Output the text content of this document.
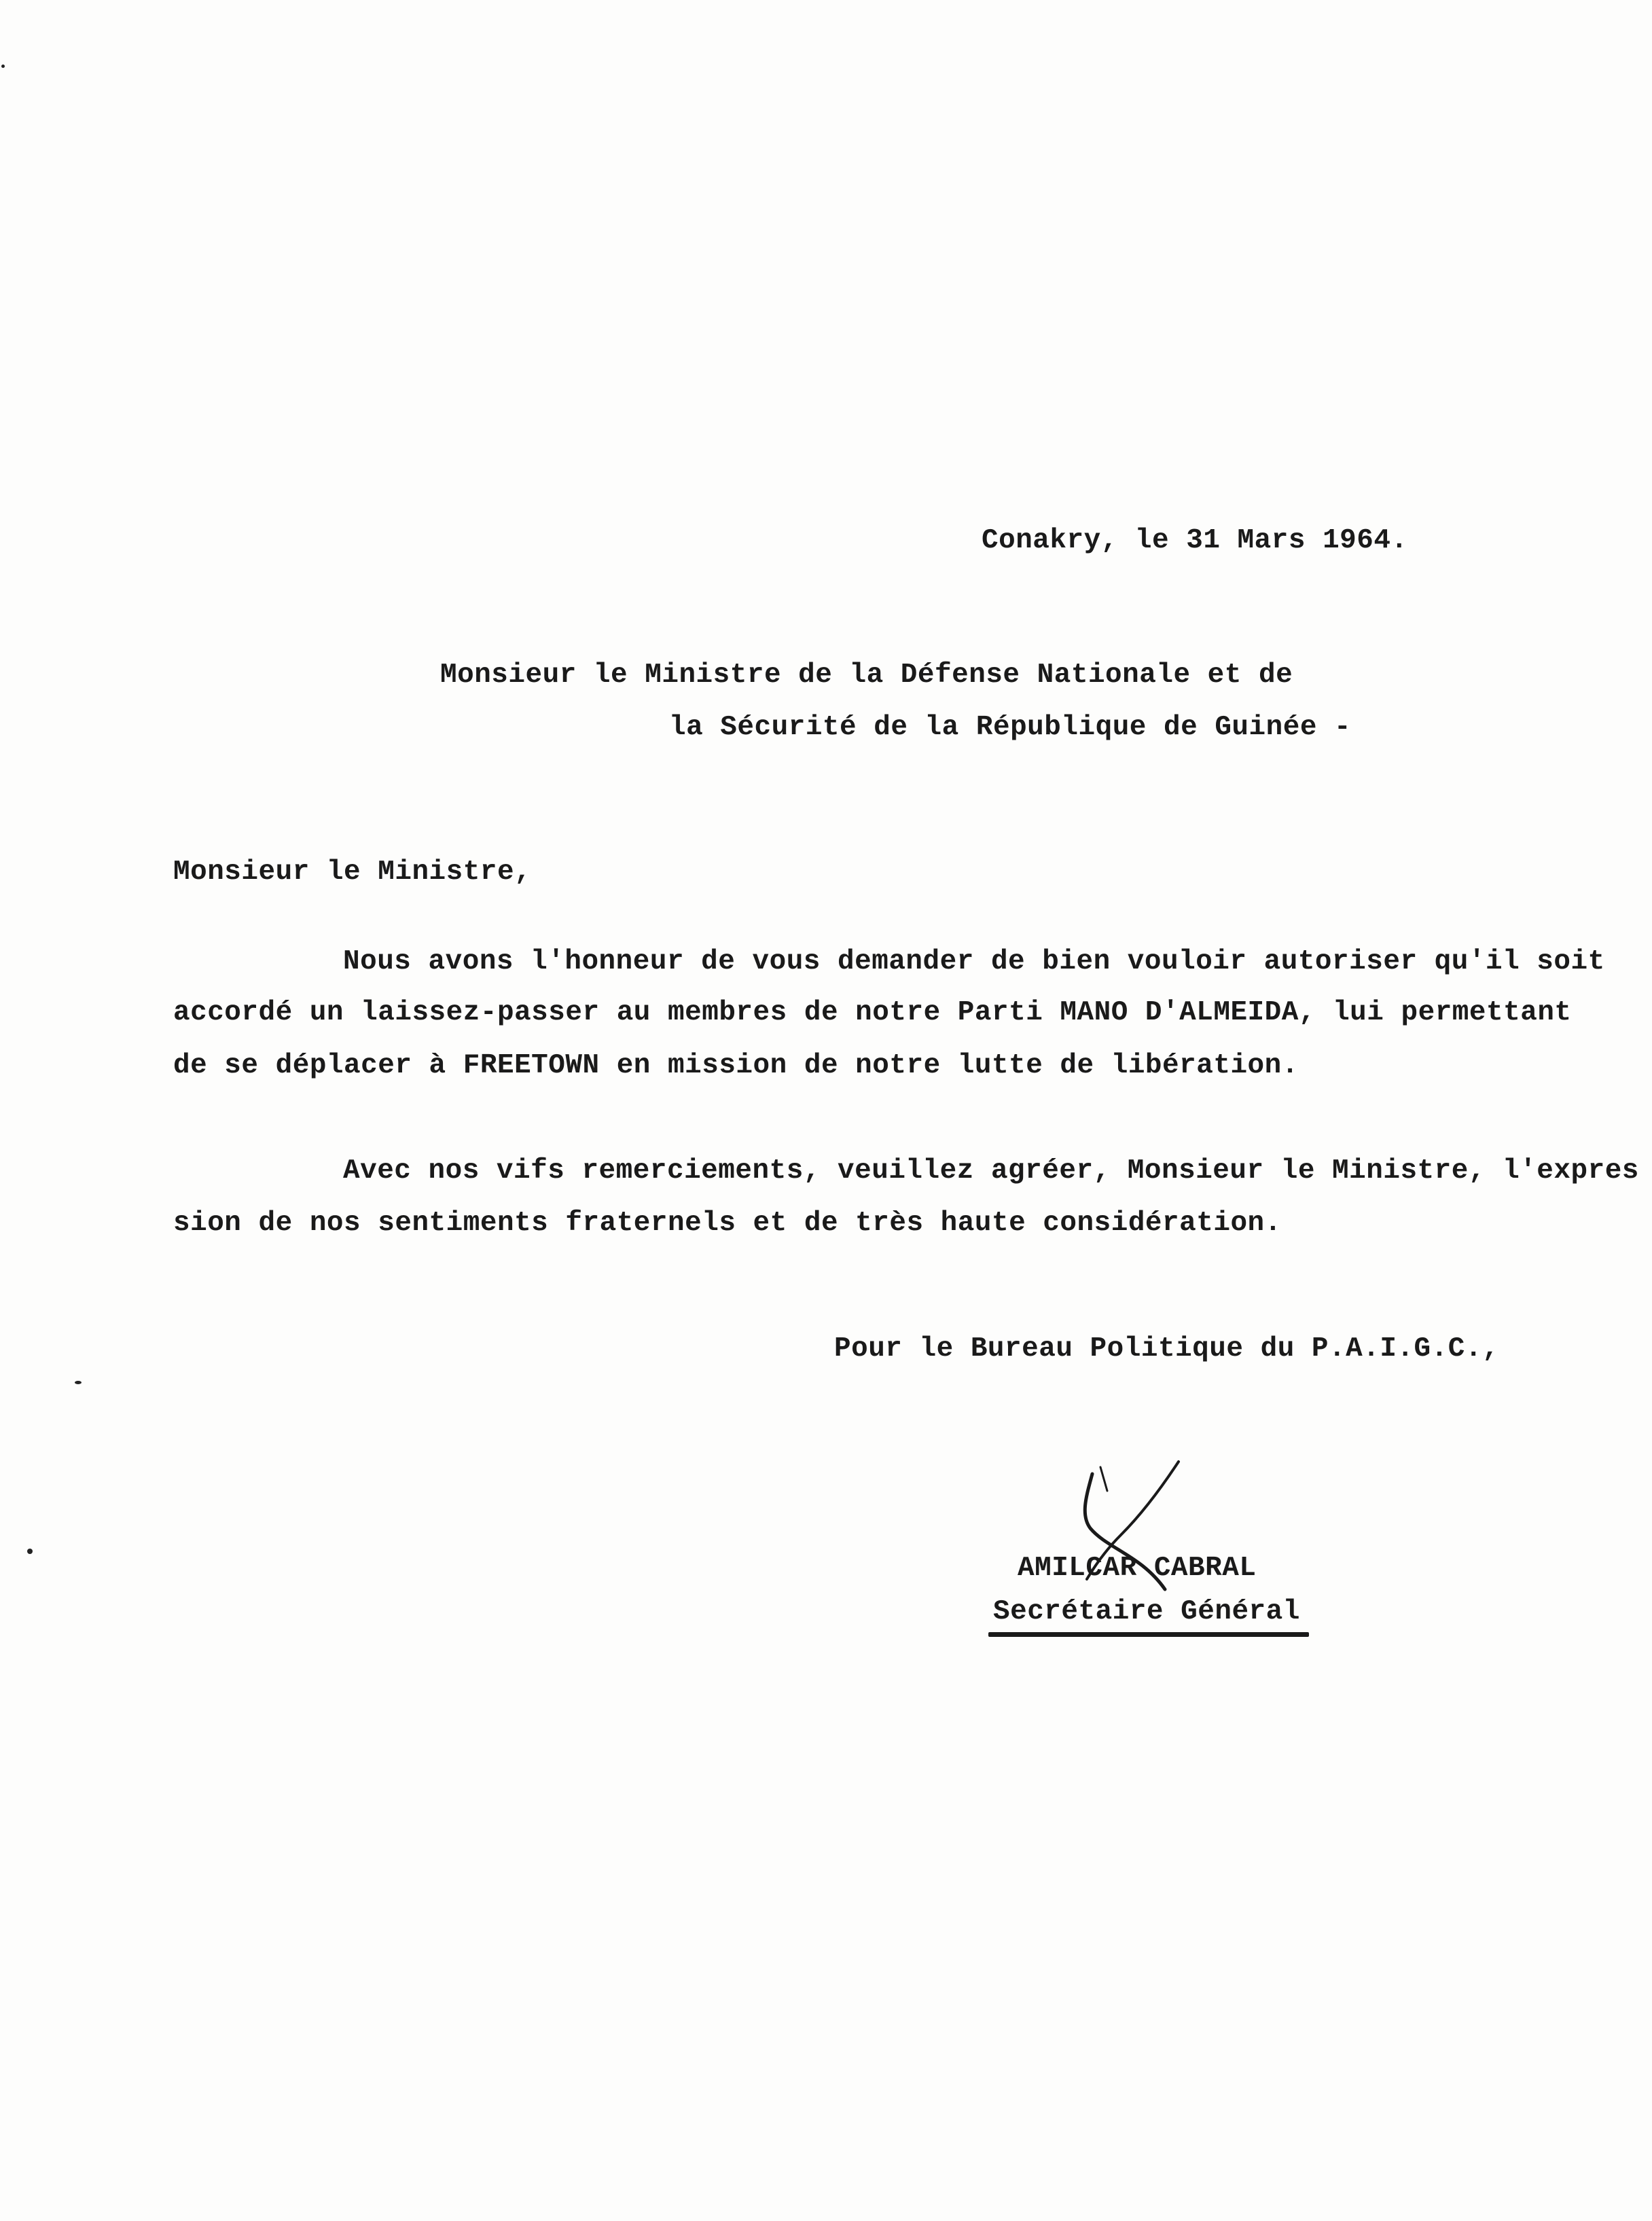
Conakry, le 31 Mars 1964.
Monsieur le Ministre de la Défense Nationale et de
la Sécurité de la République de Guinée -
Monsieur le Ministre,
Nous avons l'honneur de vous demander de bien vouloir autoriser qu'il soit
accordé un laissez-passer au membres de notre Parti MANO D'ALMEIDA, lui permettant
de se déplacer à FREETOWN en mission de notre lutte de libération.
Avec nos vifs remerciements, veuillez agréer, Monsieur le Ministre, l'expres
sion de nos sentiments fraternels et de très haute considération.
Pour le Bureau Politique du P.A.I.G.C.,
AMILCAR CABRAL
Secrétaire Général
